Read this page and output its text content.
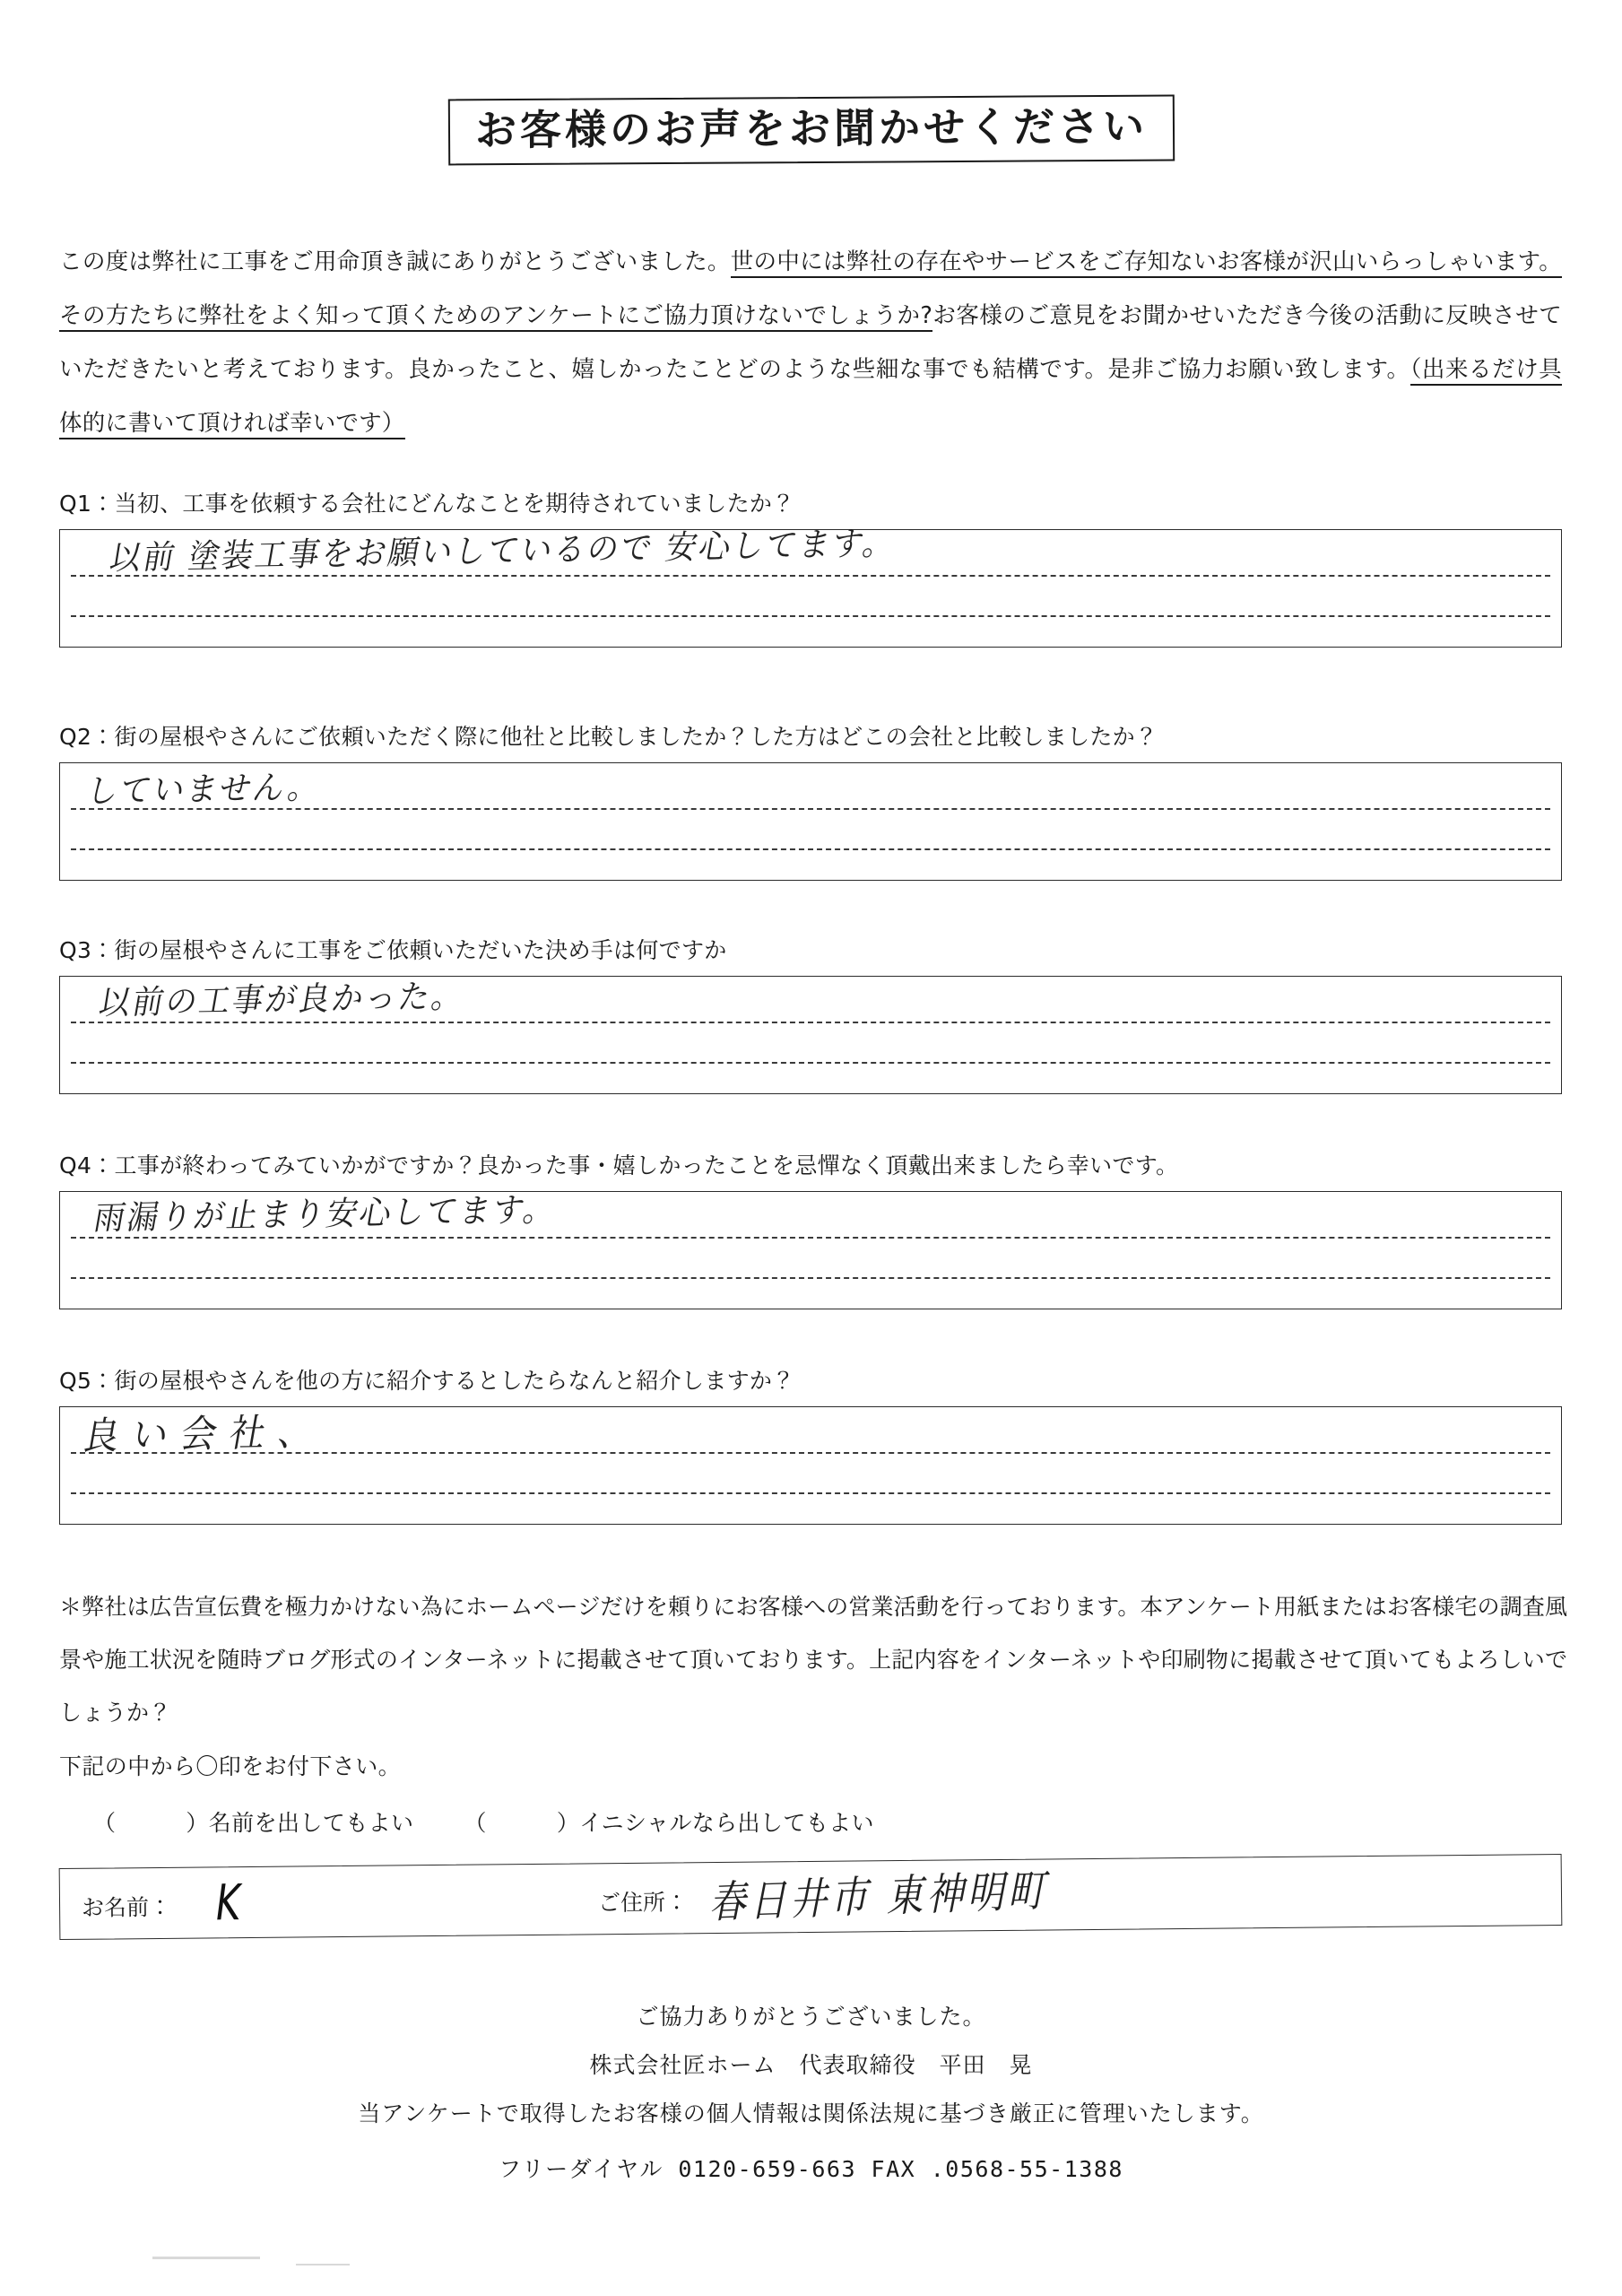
お客様のお声をお聞かせください
この度は弊社に工事をご用命頂き誠にありがとうございました。世の中には弊社の存在やサービスをご存知ないお客様が沢山いらっしゃいます。その方たちに弊社をよく知って頂くためのアンケートにご協力頂けないでしょうか?お客様のご意見をお聞かせいただき今後の活動に反映させていただきたいと考えております。良かったこと、嬉しかったことどのような些細な事でも結構です。是非ご協力お願い致します。（出来るだけ具体的に書いて頂ければ幸いです）
Q1：当初、工事を依頼する会社にどんなことを期待されていましたか？
以前 塗装工事をお願いしているので 安心してます。
Q2：街の屋根やさんにご依頼いただく際に他社と比較しましたか？した方はどこの会社と比較しましたか？
していません。
Q3：街の屋根やさんに工事をご依頼いただいた決め手は何ですか
以前の工事が良かった。
Q4：工事が終わってみていかがですか？良かった事・嬉しかったことを忌憚なく頂戴出来ましたら幸いです。
雨漏りが止まり安心してます。
Q5：街の屋根やさんを他の方に紹介するとしたらなんと紹介しますか？
良い会社、
＊弊社は広告宣伝費を極力かけない為にホームページだけを頼りにお客様への営業活動を行っております。本アンケート用紙またはお客様宅の調査風景や施工状況を随時ブログ形式のインターネットに掲載させて頂いております。上記内容をインターネットや印刷物に掲載させて頂いてもよろしいでしょうか？
下記の中から〇印をお付下さい。
（	）名前を出してもよい （	）イニシャルなら出してもよい
お名前： K	ご住所： 春日井市 東神明町
ご協力ありがとうございました。
株式会社匠ホーム　代表取締役　平田　晃
当アンケートで取得したお客様の個人情報は関係法規に基づき厳正に管理いたします。
フリーダイヤル 0120-659-663 FAX .0568-55-1388
